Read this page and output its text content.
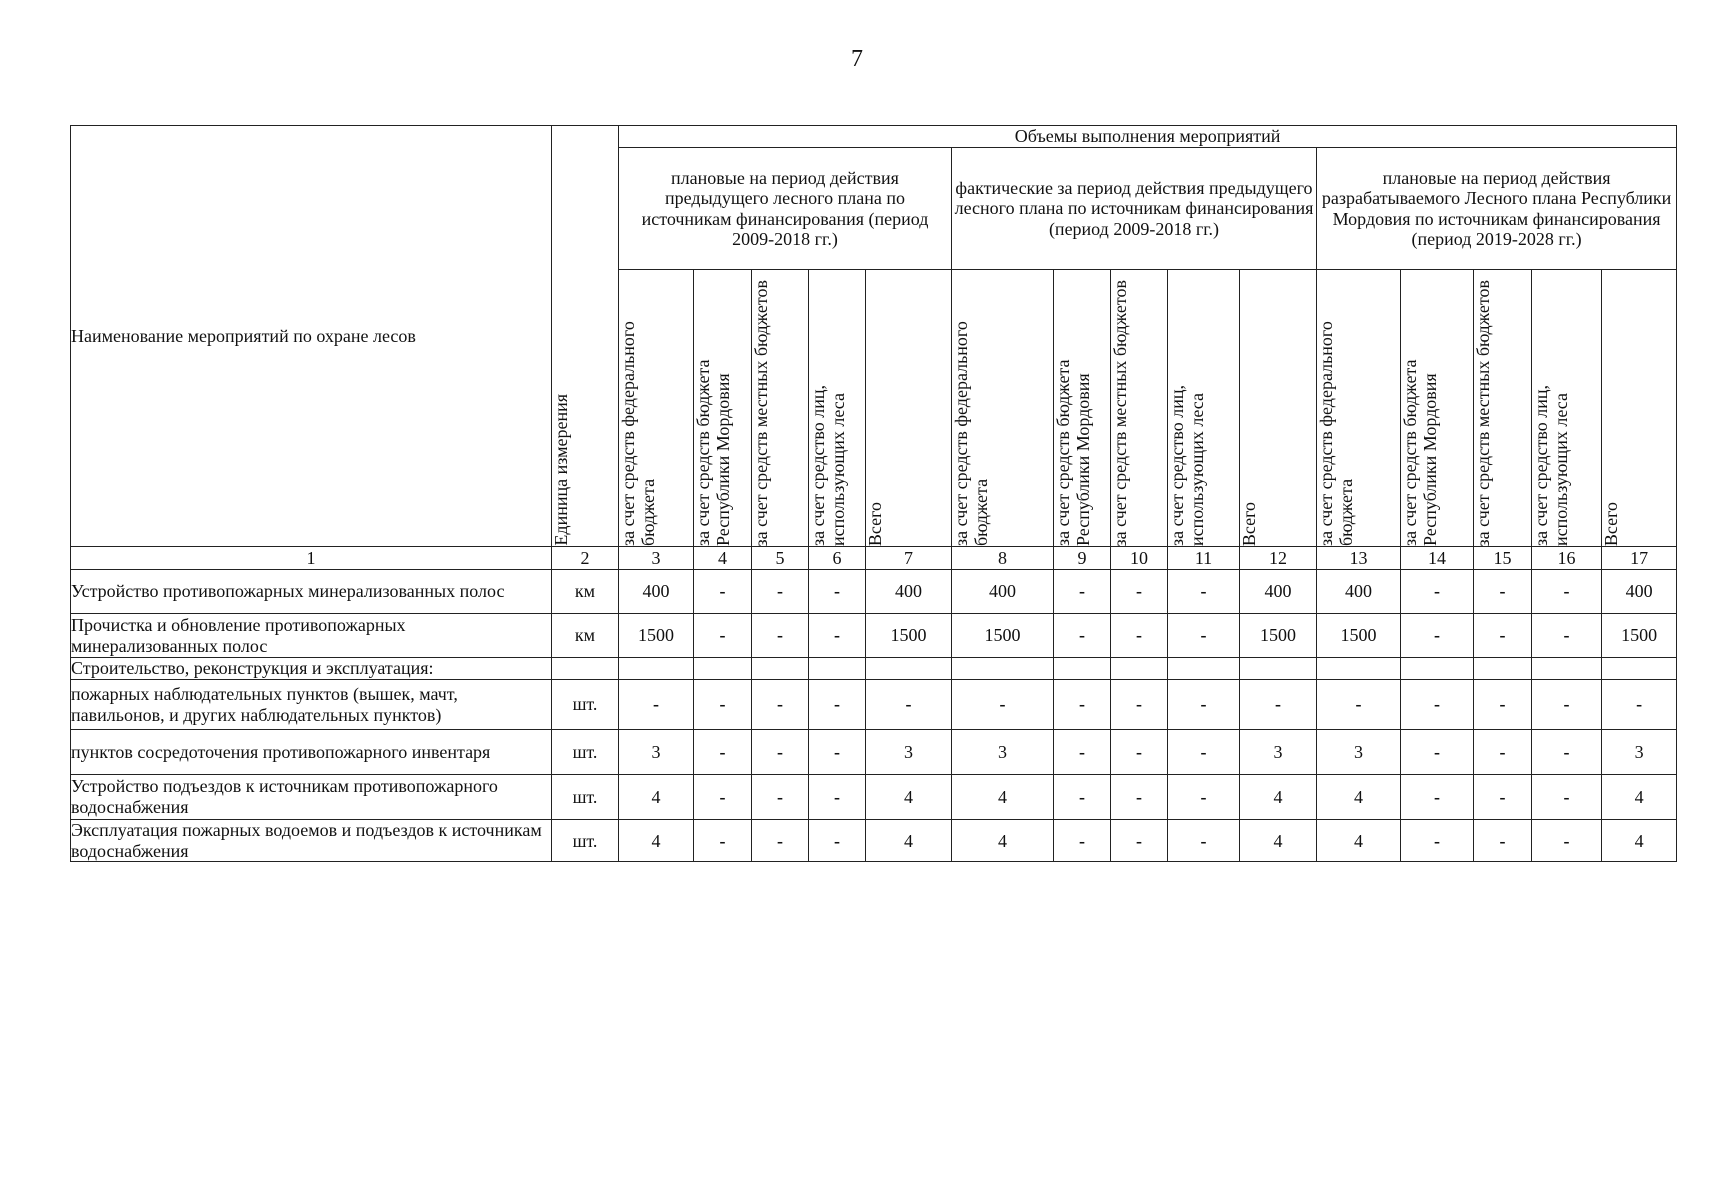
7
Наименование мероприятий по охране лесов	Единица измерения	Объемы выполнения мероприятий														
		плановые на период действия предыдущего лесного плана по источникам финансирования (период 2009-2018 гг.)					фактические за период действия предыдущего лесного плана по источникам финансирования (период 2009-2018 гг.)					плановые на период действия разрабатываемого Лесного плана Республики Мордовия по источникам финансирования (период 2019-2028 гг.)				

		за счет средств федерального бюджета	за счет средств бюджета Республики Мордовия	за счет средств местных бюджетов	за счет средство лиц, использующих леса	Всего	за счет средств федерального бюджета	за счет средств бюджета Республики Мордовия	за счет средств местных бюджетов	за счет средство лиц, использующих леса	Всего	за счет средств федерального бюджета	за счет средств бюджета Республики Мордовия	за счет средств местных бюджетов	за счет средство лиц, использующих леса	Всего

1	2	3	4	5	6	7	8	9	10	11	12	13	14	15	16	17
Устройство противопожарных минерализованных полос	км	400	-	-	-	400	400	-	-	-	400	400	-	-	-	400
Прочистка и обновление противопожарных минерализованных полос	км	1500	-	-	-	1500	1500	-	-	-	1500	1500	-	-	-	1500
Строительство, реконструкция и эксплуатация:																
пожарных наблюдательных пунктов (вышек, мачт, павильонов, и других наблюдательных пунктов)	шт.	-	-	-	-	-	-	-	-	-	-	-	-	-	-	-
пунктов сосредоточения противопожарного инвентаря	шт.	3	-	-	-	3	3	-	-	-	3	3	-	-	-	3
Устройство подъездов к источникам противопожарного водоснабжения	шт.	4	-	-	-	4	4	-	-	-	4	4	-	-	-	4
Эксплуатация пожарных водоемов и подъездов к источникам водоснабжения	шт.	4	-	-	-	4	4	-	-	-	4	4	-	-	-	4
